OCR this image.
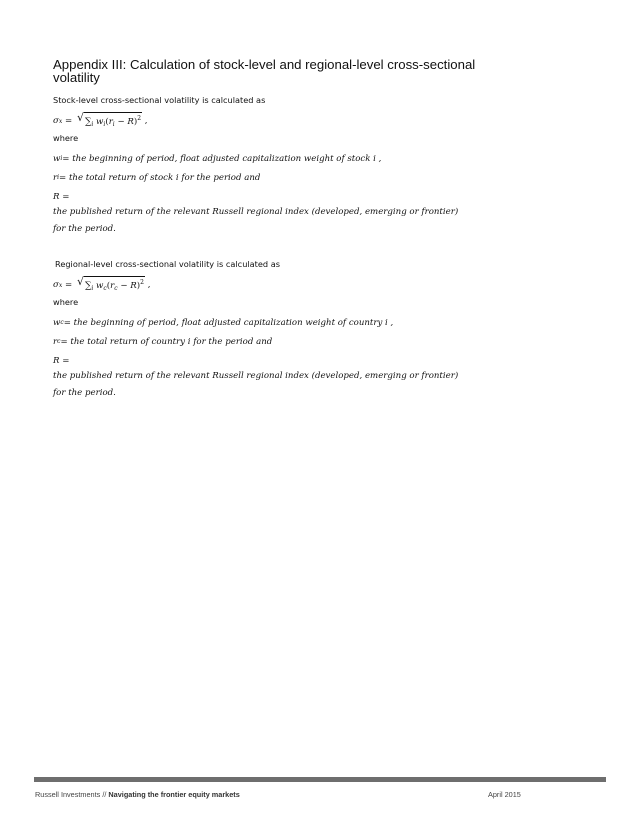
Appendix III: Calculation of stock-level and regional-level cross-sectional volatility
Stock-level cross-sectional volatility is calculated as
σ x = √ $\sum_i$ $w_i(r_i - R)^2$ ,
where
w i = the beginning of period, float adjusted capitalization weight of stock i ,
r i = the total return of stock i for the period and
R =
the published return of the relevant Russell regional index (developed, emerging or frontier)
for the period.
Regional-level cross-sectional volatility is calculated as
σ x = √ $\sum_i$ $w_c(r_c - R)^2$ ,
where
w c = the beginning of period, float adjusted capitalization weight of country i ,
r c = the total return of country i for the period and
R =
the published return of the relevant Russell regional index (developed, emerging or frontier)
for the period.
Russell Investments // Navigating the frontier equity markets	April 2015
